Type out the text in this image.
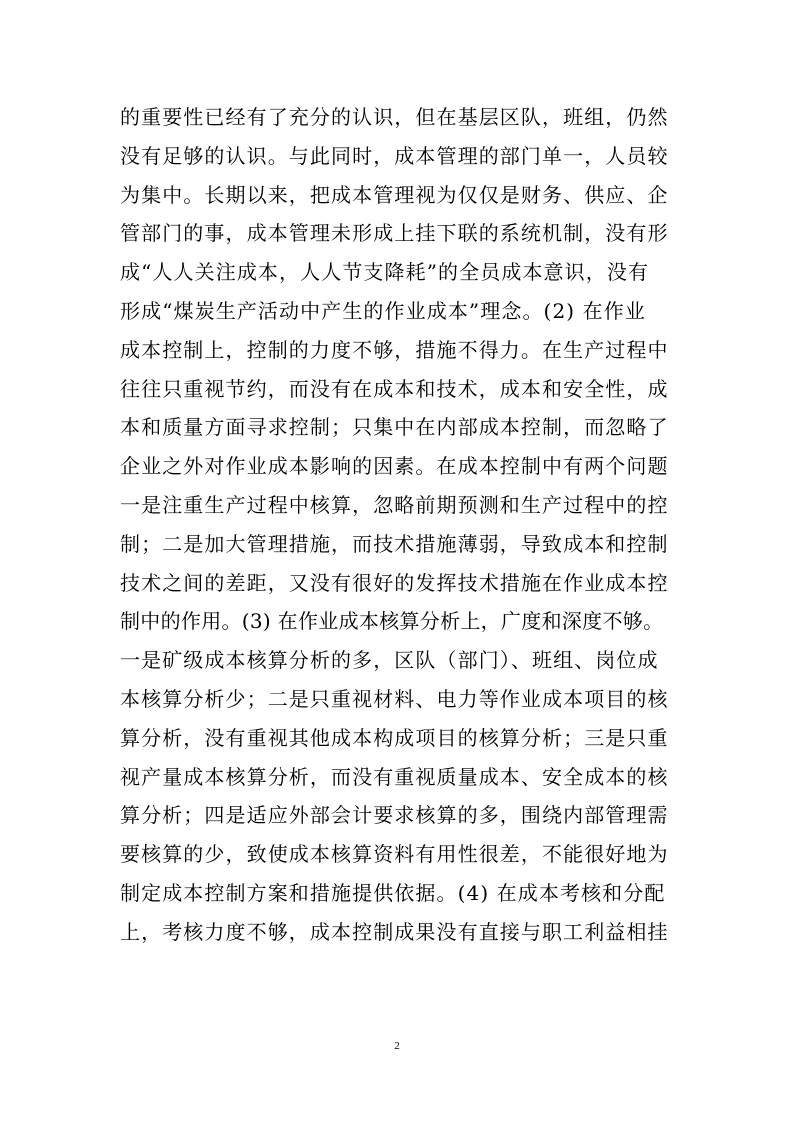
的重要性已经有了充分的认识，但在基层区队，班组，仍然
没有足够的认识。与此同时，成本管理的部门单一，人员较
为集中。长期以来，把成本管理视为仅仅是财务、供应、企
管部门的事，成本管理未形成上挂下联的系统机制，没有形
成“人人关注成本，人人节支降耗”的全员成本意识，没有
形成“煤炭生产活动中产生的作业成本”理念。(2) 在作业
成本控制上，控制的力度不够，措施不得力。在生产过程中
往往只重视节约，而没有在成本和技术，成本和安全性，成
本和质量方面寻求控制；只集中在内部成本控制，而忽略了
企业之外对作业成本影响的因素。在成本控制中有两个问题
一是注重生产过程中核算，忽略前期预测和生产过程中的控
制；二是加大管理措施，而技术措施薄弱，导致成本和控制
技术之间的差距，又没有很好的发挥技术措施在作业成本控
制中的作用。(3) 在作业成本核算分析上，广度和深度不够。
一是矿级成本核算分析的多，区队（部门）、班组、岗位成
本核算分析少；二是只重视材料、电力等作业成本项目的核
算分析，没有重视其他成本构成项目的核算分析；三是只重
视产量成本核算分析，而没有重视质量成本、安全成本的核
算分析；四是适应外部会计要求核算的多，围绕内部管理需
要核算的少，致使成本核算资料有用性很差，不能很好地为
制定成本控制方案和措施提供依据。(4) 在成本考核和分配
上，考核力度不够，成本控制成果没有直接与职工利益相挂
2
